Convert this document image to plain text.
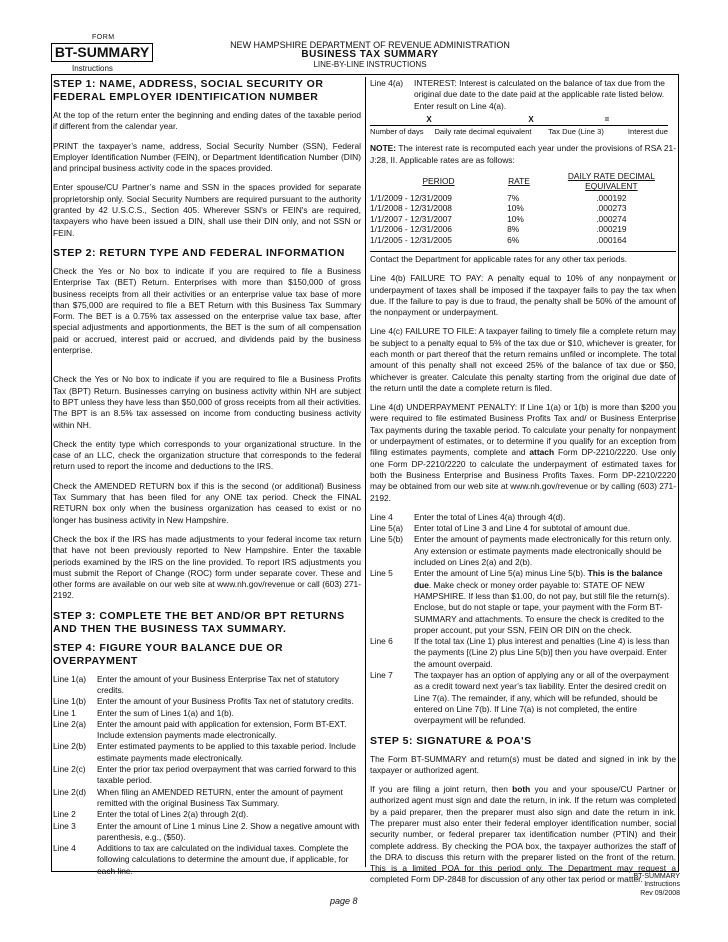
FORM
BT-SUMMARY
Instructions
NEW HAMPSHIRE DEPARTMENT OF REVENUE ADMINISTRATION
BUSINESS TAX SUMMARY
LINE-BY-LINE INSTRUCTIONS
STEP 1: NAME, ADDRESS, SOCIAL SECURITY OR FEDERAL EMPLOYER IDENTIFICATION NUMBER

At the top of the return enter the beginning and ending dates of the taxable period if different from the calendar year.

PRINT the taxpayer’s name, address, Social Security Number (SSN), Federal Employer Identification Number (FEIN), or Department Identification Number (DIN) and principal business activity code in the spaces provided.

Enter spouse/CU Partner’s name and SSN in the spaces provided for separate proprietorship only. Social Security Numbers are required pursuant to the authority granted by 42 U.S.C.S., Section 405. Wherever SSN's or FEIN's are required, taxpayers who have been issued a DIN, shall use their DIN only, and not SSN or FEIN.

STEP 2: RETURN TYPE AND FEDERAL INFORMATION

Check the Yes or No box to indicate if you are required to file a Business Enterprise Tax (BET) Return. Enterprises with more than $150,000 of gross business receipts from all their activities or an enterprise value tax base of more than $75,000 are required to file a BET Return with this Business Tax Summary Form. The BET is a 0.75% tax assessed on the enterprise value tax base, after special adjustments and apportionments, the BET is the sum of all compensation paid or accrued, interest paid or accrued, and dividends paid by the business enterprise.

Check the Yes or No box to indicate if you are required to file a Business Profits Tax (BPT) Return. Businesses carrying on business activity within NH are subject to BPT unless they have less than $50,000 of gross receipts from all their activities. The BPT is an 8.5% tax assessed on income from conducting business activity within NH.

Check the entity type which corresponds to your organizational structure. In the case of an LLC, check the organization structure that corresponds to the federal return used to report the income and deductions to the IRS.

Check the AMENDED RETURN box if this is the second (or additional) Business Tax Summary that has been filed for any ONE tax period. Check the FINAL RETURN box only when the business organization has ceased to exist or no longer has business activity in New Hampshire.

Check the box if the IRS has made adjustments to your federal income tax return that have not been previously reported to New Hampshire. Enter the taxable periods examined by the IRS on the line provided. To report IRS adjustments you must submit the Report of Change (ROC) form under separate cover. These and other forms are available on our web site at www.nh.gov/revenue or call (603) 271-2192.

STEP 3: COMPLETE THE BET AND/OR BPT RETURNS AND THEN THE BUSINESS TAX SUMMARY.
STEP 4: FIGURE YOUR BALANCE DUE OR OVERPAYMENT
Line 1(a)	Enter the amount of your Business Enterprise Tax net of statutory credits.
Line 1(b)	Enter the amount of your Business Profits Tax net of statutory credits.
Line 1	Enter the sum of Lines 1(a) and 1(b).
Line 2(a)	Enter the amount paid with application for extension, Form BT-EXT. Include extension payments made electronically.
Line 2(b)	Enter estimated payments to be applied to this taxable period. Include estimate payments made electronically.
Line 2(c)	Enter the prior tax period overpayment that was carried forward to this taxable period.
Line 2(d)	When filing an AMENDED RETURN, enter the amount of payment remitted with the original Business Tax Summary.
Line 2	Enter the total of Lines 2(a) through 2(d).
Line 3	Enter the amount of Line 1 minus Line 2. Show a negative amount with parenthesis, e.g., ($50).
Line 4	Additions to tax are calculated on the individual taxes. Complete the following calculations to determine the amount due, if applicable, for each line.
Line 4(a)	INTEREST: Interest is calculated on the balance of tax due from the original due date to the date paid at the applicable rate listed below. Enter result on Line 4(a).
X	X	=
Number of days	Daily rate decimal equivalent	Tax Due (Line 3)	Interest due

NOTE: The interest rate is recomputed each year under the provisions of RSA 21-J:28, II. Applicable rates are as follows:

PERIOD	RATE	DAILY RATE DECIMAL EQUIVALENT
1/1/2009 - 12/31/2009	7%	.000192
1/1/2008 - 12/31/2008	10%	.000273
1/1/2007 - 12/31/2007	10%	.000274
1/1/2006 - 12/31/2006	8%	.000219
1/1/2005 - 12/31/2005	6%	.000164

Contact the Department for applicable rates for any other tax periods.

Line 4(b) FAILURE TO PAY: A penalty equal to 10% of any nonpayment or underpayment of taxes shall be imposed if the taxpayer fails to pay the tax when due. If the failure to pay is due to fraud, the penalty shall be 50% of the amount of the nonpayment or underpayment.

Line 4(c) FAILURE TO FILE: A taxpayer failing to timely file a complete return may be subject to a penalty equal to 5% of the tax due or $10, whichever is greater, for each month or part thereof that the return remains unfiled or incomplete. The total amount of this penalty shall not exceed 25% of the balance of tax due or $50, whichever is greater. Calculate this penalty starting from the original due date of the return until the date a complete return is filed.

Line 4(d) UNDERPAYMENT PENALTY: If Line 1(a) or 1(b) is more than $200 you were required to file estimated Business Profits Tax and/ or Business Enterprise Tax payments during the taxable period. To calculate your penalty for nonpayment or underpayment of estimates, or to determine if you qualify for an exception from filing estimates payments, complete and attach Form DP-2210/2220. Use only one Form DP-2210/2220 to calculate the underpayment of estimated taxes for both the Business Enterprise and Business Profits Taxes. Form DP-2210/2220 may be obtained from our web site at www.nh.gov/revenue or by calling (603) 271-2192.

Line 4	Enter the total of Lines 4(a) through 4(d).
Line 5(a)	Enter total of Line 3 and Line 4 for subtotal of amount due.
Line 5(b)	Enter the amount of payments made electronically for this return only. Any extension or estimate payments made electronically should be included on Lines 2(a) and 2(b).
Line 5	Enter the amount of Line 5(a) minus Line 5(b). This is the balance due. Make check or money order payable to: STATE OF NEW HAMPSHIRE. If less than $1.00, do not pay, but still file the return(s). Enclose, but do not staple or tape, your payment with the Form BT-SUMMARY and attachments. To ensure the check is credited to the proper account, put your SSN, FEIN OR DIN on the check.
Line 6	If the total tax (Line 1) plus interest and penalties (Line 4) is less than the payments [(Line 2) plus Line 5(b)] then you have overpaid. Enter the amount overpaid.
Line 7	The taxpayer has an option of applying any or all of the overpayment as a credit toward next year’s tax liability. Enter the desired credit on Line 7(a). The remainder, if any, which will be refunded, should be entered on Line 7(b). If Line 7(a) is not completed, the entire overpayment will be refunded.
STEP 5: SIGNATURE & POA'S

The Form BT-SUMMARY and return(s) must be dated and signed in ink by the taxpayer or authorized agent.

If you are filing a joint return, then both you and your spouse/CU Partner or authorized agent must sign and date the return, in ink. If the return was completed by a paid preparer, then the preparer must also sign and date the return in ink. The preparer must also enter their federal employer identification number, social security number, or federal preparer tax identification number (PTIN) and their complete address. By checking the POA box, the taxpayer authorizes the staff of the DRA to discuss this return with the preparer listed on the front of the return. This is a limited POA for this period only. The Department may request a completed Form DP-2848 for discussion of any other tax period or matter.

BT-SUMMARY
Instructions
Rev 09/2008
page 8
